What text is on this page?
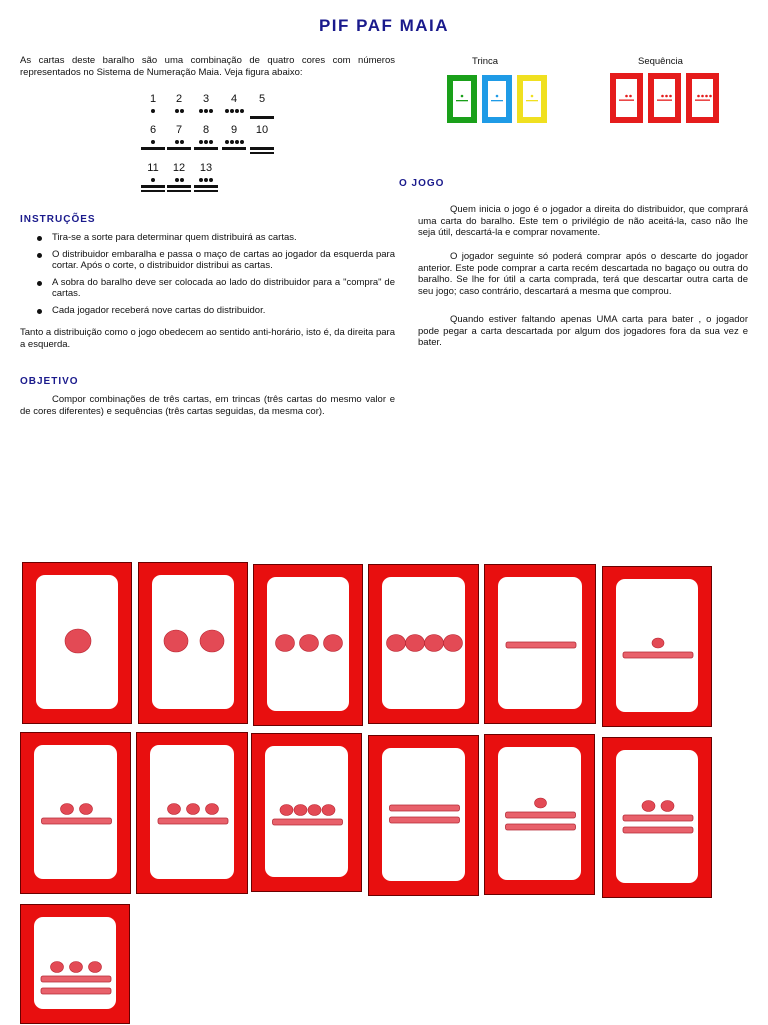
PIF PAF MAIA
As cartas deste baralho são uma combinação de quatro cores com números representados no Sistema de Numeração Maia. Veja figura abaixo:
1	2	3	4	5
6	7	8	9	10
11	12	13
Trinca	Sequência
INSTRUÇÕES
Tira-se a sorte para determinar quem distribuirá as cartas.
O distribuidor embaralha e passa o maço de cartas ao jogador da esquerda para cortar. Após o corte, o distribuidor distribui as cartas.
A sobra do baralho deve ser colocada ao lado do distribuidor para a "compra" de cartas.
Cada jogador receberá nove cartas do distribuidor.
Tanto a distribuição como o jogo obedecem ao sentido anti-horário, isto é, da direita para a esquerda.
OBJETIVO
Compor combinações de três cartas, em trincas (três cartas do mesmo valor e de cores diferentes) e sequências (três cartas seguidas, da mesma cor).
O JOGO
Quem inicia o jogo é o jogador a direita do distribuidor, que comprará uma carta do baralho. Este tem o privilégio de não aceitá-la, caso não lhe seja útil, descartá-la e comprar novamente.
O jogador seguinte só poderá comprar após o descarte do jogador anterior. Este pode comprar a carta recém descartada no bagaço ou outra do baralho. Se lhe for útil a carta comprada, terá que descartar outra carta de seu jogo; caso contrário, descartará a mesma que comprou.
Quando estiver faltando apenas UMA carta para bater , o jogador pode pegar a carta descartada por algum dos jogadores fora da sua vez e bater.
